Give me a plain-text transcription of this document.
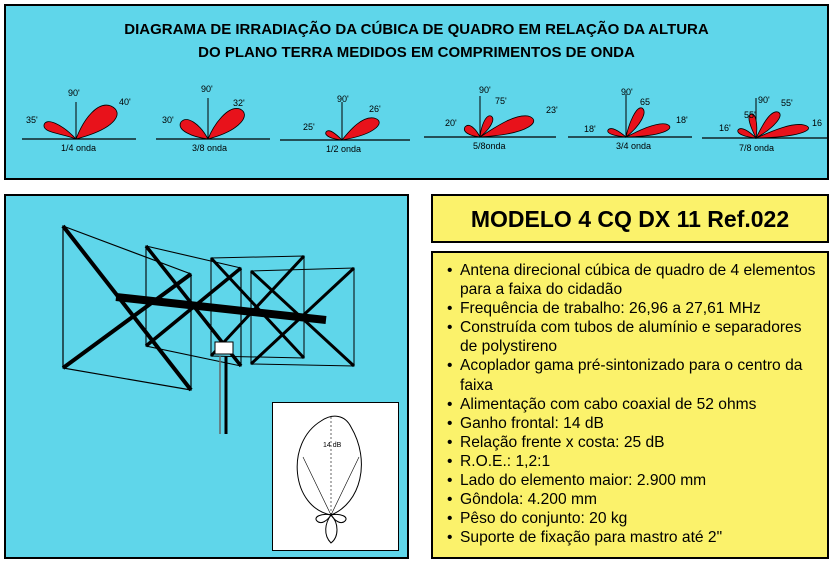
DIAGRAMA DE IRRADIAÇÃO DA CÚBICA DE QUADRO EM RELAÇÃO DA ALTURA
DO PLANO TERRA MEDIDOS EM COMPRIMENTOS DE ONDA
35'
90'
40'
1/4 onda
30'
90'
32'
3/8 onda
25'
90'
26'
1/2 onda
20'
90'
75'
23'
5/8onda
18'
90'
65
18'
3/4 onda
16'
55'
90' 55'
16
7/8 onda
14 dB
MODELO 4 CQ DX 11 Ref.022
• Antena direcional cúbica de quadro de 4 elementos para a faixa do cidadão
• Frequência de trabalho: 26,96 a 27,61 MHz
• Construída com tubos de alumínio e separadores de polystireno
• Acoplador gama pré-sintonizado para o centro da faixa
• Alimentação com cabo coaxial de 52 ohms
• Ganho frontal: 14 dB
• Relação frente x costa: 25 dB
• R.O.E.: 1,2:1
• Lado do elemento maior: 2.900 mm
• Gôndola: 4.200 mm
• Pêso do conjunto: 20 kg
• Suporte de fixação para mastro até 2"
